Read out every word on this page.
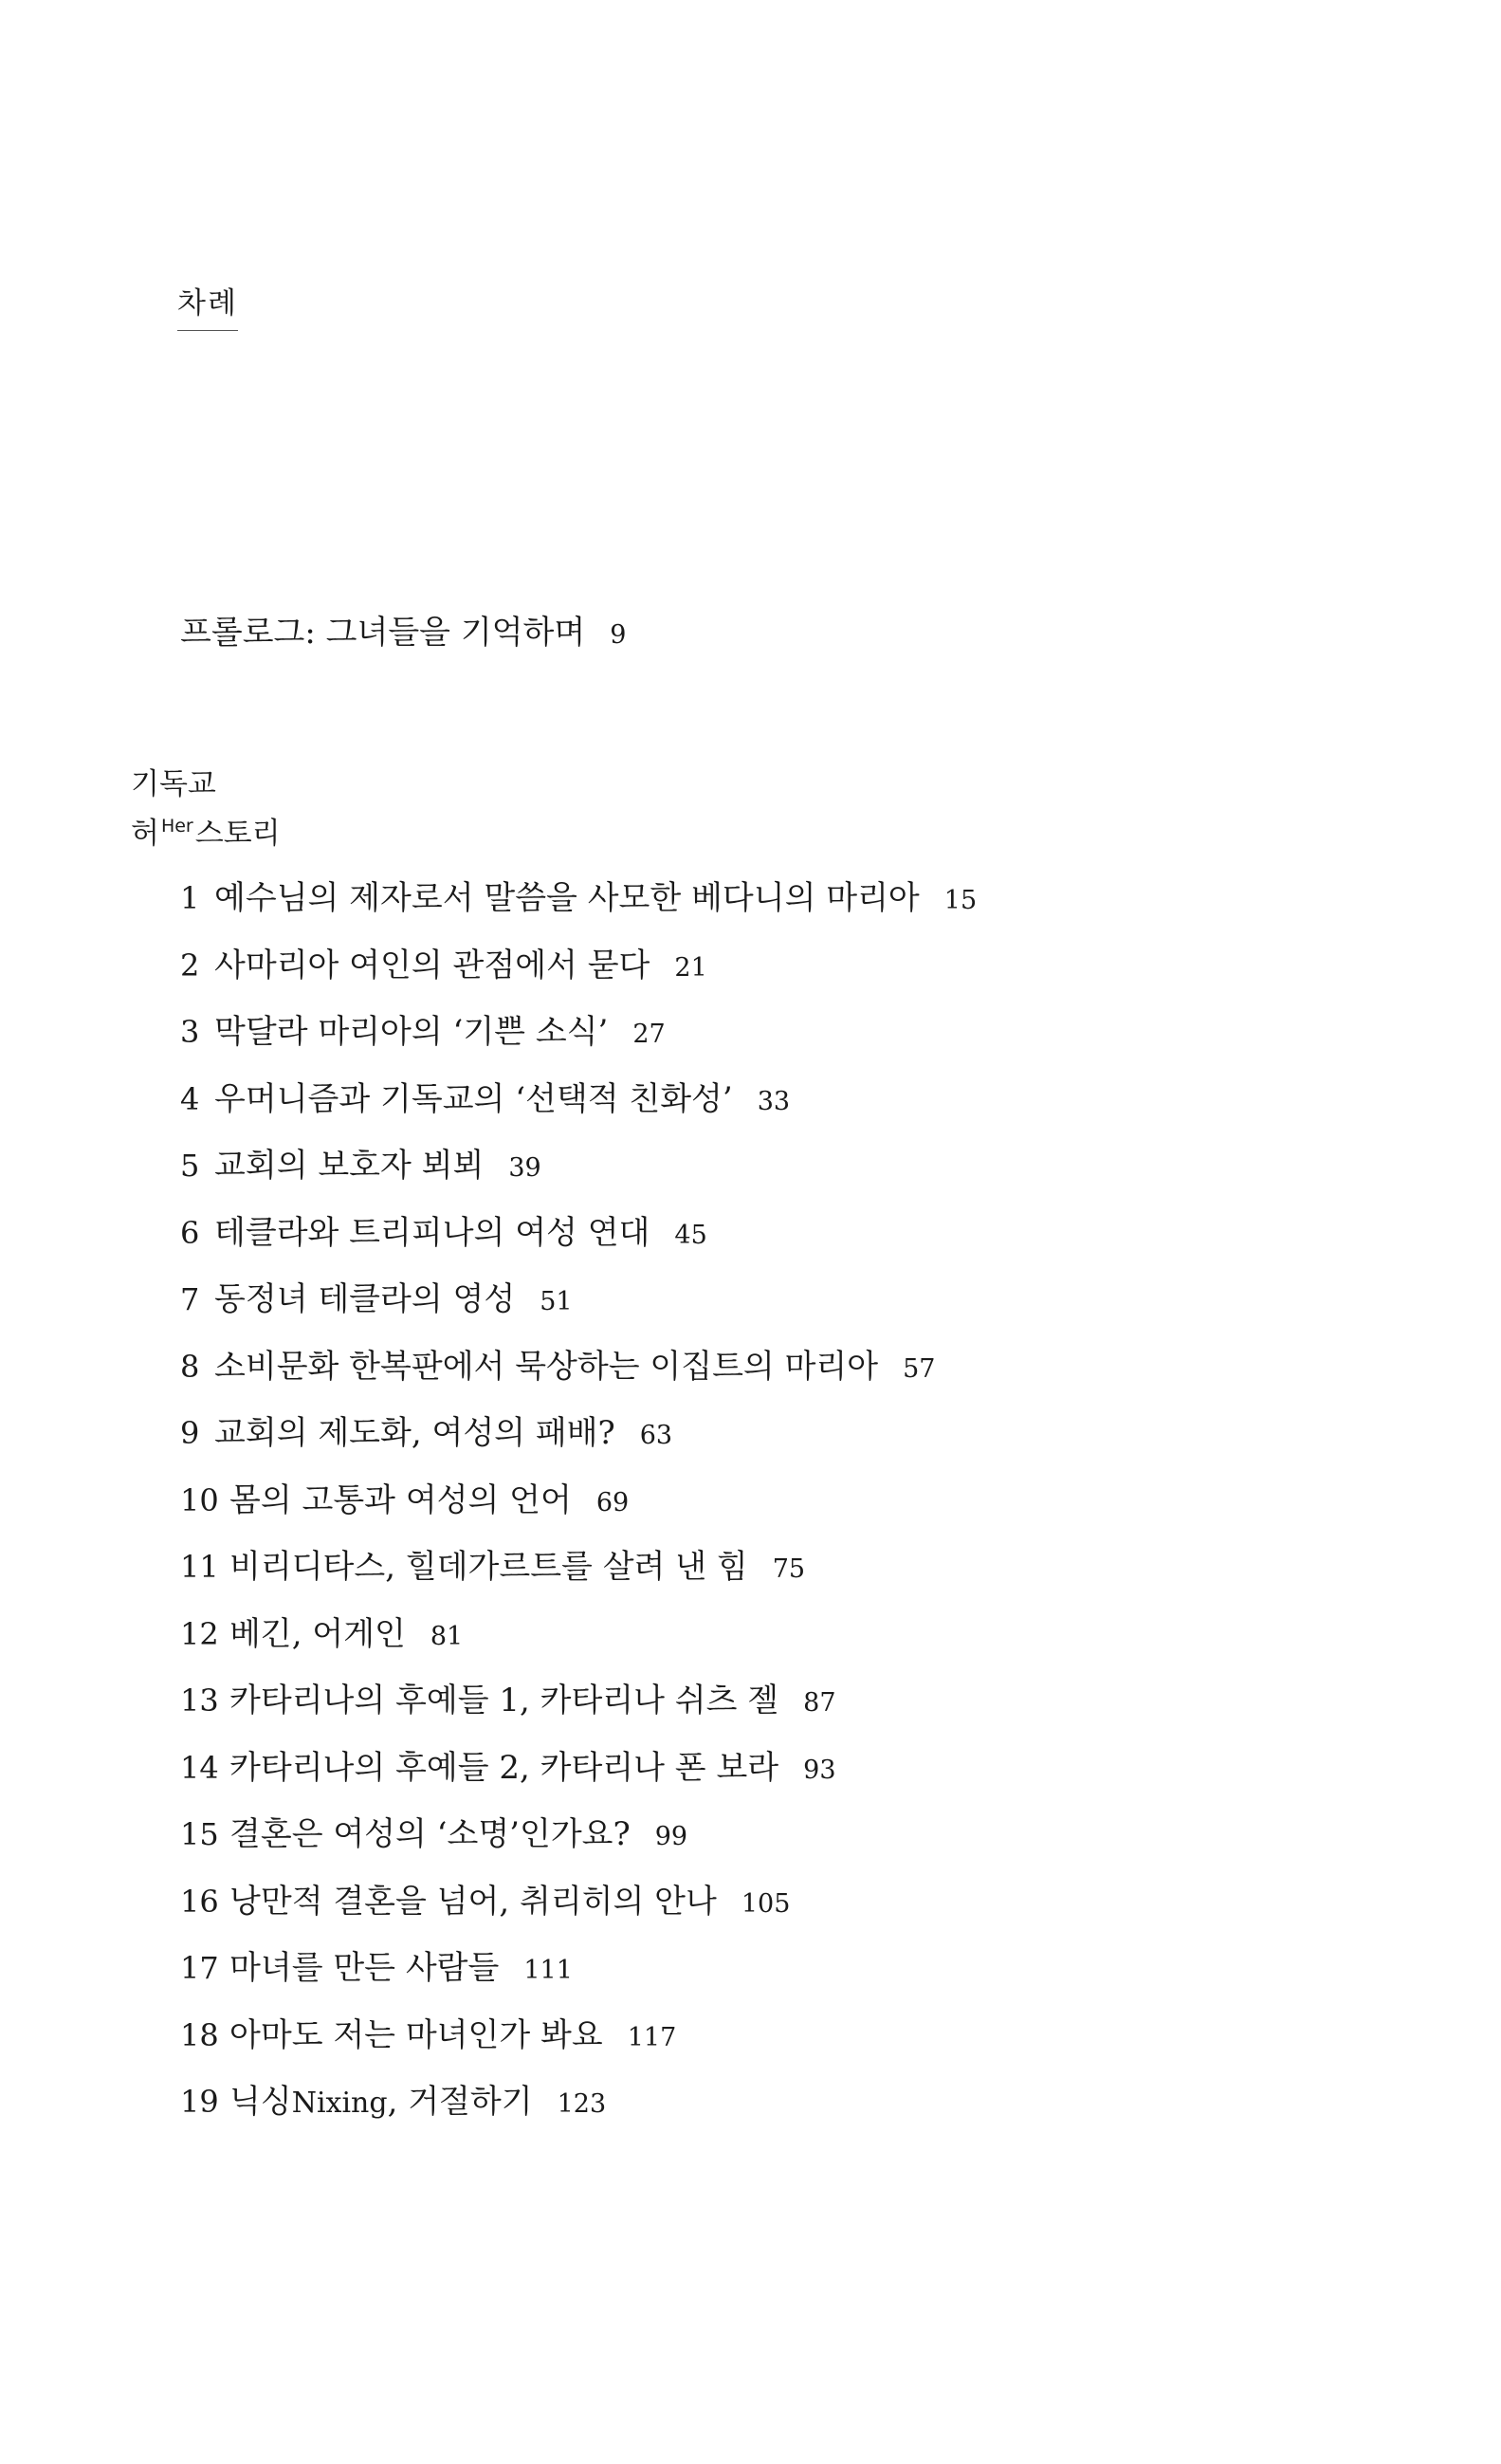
차례
프롤로그: 그녀들을 기억하며 9
기독교
허 $^{Her}$스토리
1 예수님의 제자로서 말씀을 사모한 베다니의 마리아 15
2 사마리아 여인의 관점에서 묻다 21
3 막달라 마리아의 ‘기쁜 소식’ 27
4 우머니즘과 기독교의 ‘선택적 친화성’ 33
5 교회의 보호자 뵈뵈 39
6 테클라와 트리피나의 여성 연대 45
7 동정녀 테클라의 영성 51
8 소비문화 한복판에서 묵상하는 이집트의 마리아 57
9 교회의 제도화, 여성의 패배? 63
10 몸의 고통과 여성의 언어 69
11 비리디타스, 힐데가르트를 살려 낸 힘 75
12 베긴, 어게인 81
13 카타리나의 후예들 1, 카타리나 쉬츠 젤 87
14 카타리나의 후예들 2, 카타리나 폰 보라 93
15 결혼은 여성의 ‘소명’인가요? 99
16 낭만적 결혼을 넘어, 취리히의 안나 105
17 마녀를 만든 사람들 111
18 아마도 저는 마녀인가 봐요 117
19 닉싱Nixing, 거절하기 123
